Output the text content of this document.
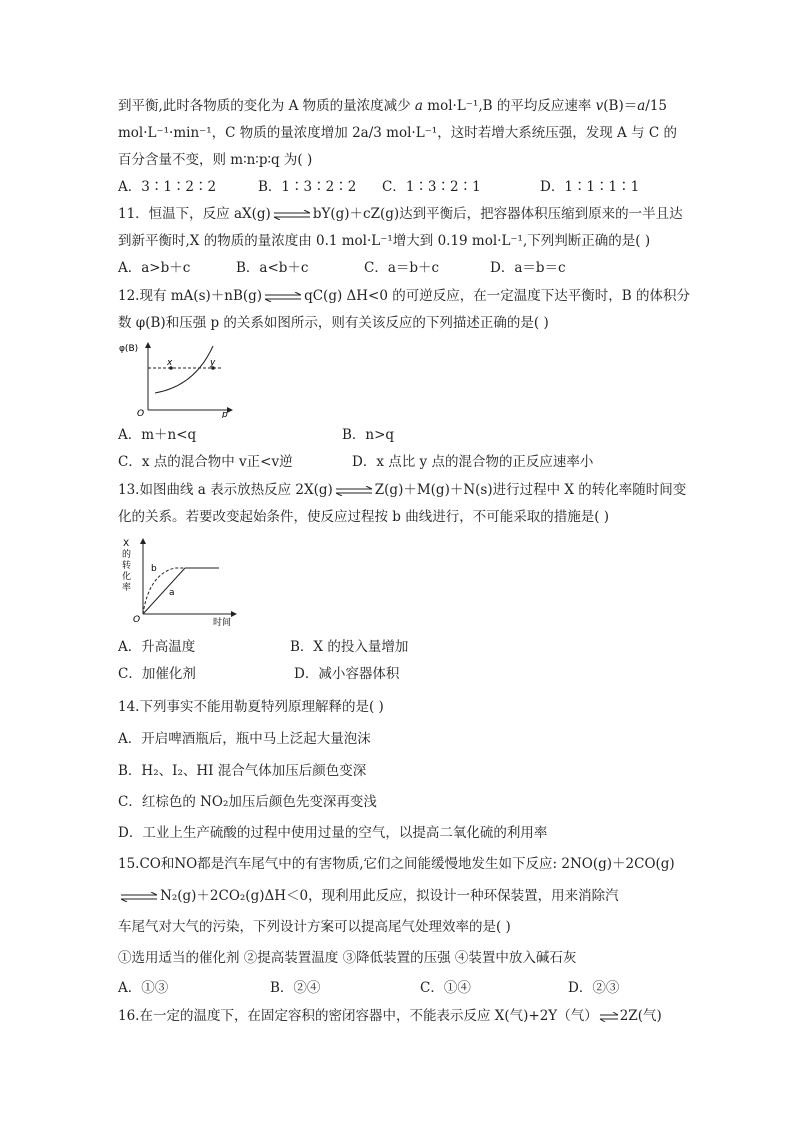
到平衡,此时各物质的变化为 A 物质的量浓度减少 a mol·L⁻¹,B 的平均反应速率 v(B)＝a/15
mol·L⁻¹·min⁻¹，C 物质的量浓度增加 2a/3 mol·L⁻¹，这时若增大系统压强，发现 A 与 C 的
百分含量不变，则 m∶n∶p∶q 为( )
A．3∶1∶2∶2	B．1∶3∶2∶2 C．1∶3∶2∶1	D．1∶1∶1∶1
11．恒温下，反应 aX(g)⇌bY(g)＋cZ(g)达到平衡后，把容器体积压缩到原来的一半且达
到新平衡时,X 的物质的量浓度由 0.1 mol·L⁻¹增大到 0.19 mol·L⁻¹,下列判断正确的是( )
A．a>b＋c	B．a<b＋c	C．a＝b＋c	D．a＝b＝c
12.现有 mA(s)＋nB(g)⇌qC(g) ΔH<0 的可逆反应，在一定温度下达平衡时，B 的体积分
数 φ(B)和压强 p 的关系如图所示，则有关该反应的下列描述正确的是( )
φ(B)
x	y
O	p
A．m＋n<q	B．n>q
C．x 点的混合物中 v正<v逆	D．x 点比 y 点的混合物的正反应速率小
13.如图曲线 a 表示放热反应 2X(g)⇌Z(g)＋M(g)＋N(s)进行过程中 X 的转化率随时间变
化的关系。若要改变起始条件，使反应过程按 b 曲线进行，不可能采取的措施是( )
X
的
转
化
率
b
a
O	时间
A．升高温度	B．X 的投入量增加
C．加催化剂	D．减小容器体积
14.下列事实不能用勒夏特列原理解释的是( )
A．开启啤酒瓶后，瓶中马上泛起大量泡沫
B．H₂、I₂、HI 混合气体加压后颜色变深
C．红棕色的 NO₂加压后颜色先变深再变浅
D．工业上生产硫酸的过程中使用过量的空气，以提高二氧化硫的利用率
15.CO和NO都是汽车尾气中的有害物质,它们之间能缓慢地发生如下反应: 2NO(g)＋2CO(g)
⇌N₂(g)＋2CO₂(g)ΔH＜0，现利用此反应，拟设计一种环保装置，用来消除汽
车尾气对大气的污染，下列设计方案可以提高尾气处理效率的是( )
①选用适当的催化剂 ②提高装置温度 ③降低装置的压强 ④装置中放入碱石灰
A．①③	B．②④	C．①④	D．②③
16.在一定的温度下，在固定容积的密闭容器中，不能表示反应 X(气)+2Y（气）⇌2Z(气)
